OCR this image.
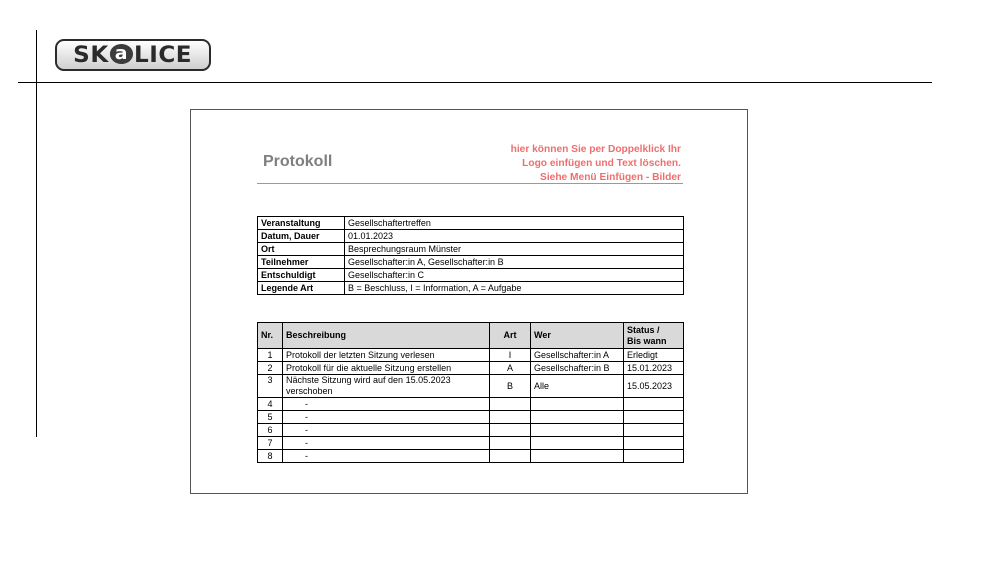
SK a LICE
Protokoll
hier können Sie per Doppelklick Ihr
Logo einfügen und Text löschen.
Siehe Menü Einfügen - Bilder
Veranstaltung	Gesellschaftertreffen
Datum, Dauer	01.01.2023
Ort	Besprechungsraum Münster
Teilnehmer	Gesellschafter:in A, Gesellschafter:in B
Entschuldigt	Gesellschafter:in C
Legende Art	B = Beschluss, I = Information, A = Aufgabe
Nr.	Beschreibung	Art	Wer	Status /
Bis wann

1	Protokoll der letzten Sitzung verlesen	I	Gesellschafter:in A	Erledigt
2	Protokoll für die aktuelle Sitzung erstellen	A	Gesellschafter:in B	15.01.2023
3	Nächste Sitzung wird auf den 15.05.2023
verschoben	B	Alle	15.05.2023
4	-			
5	-			
6	-			
7	-			
8	-			
